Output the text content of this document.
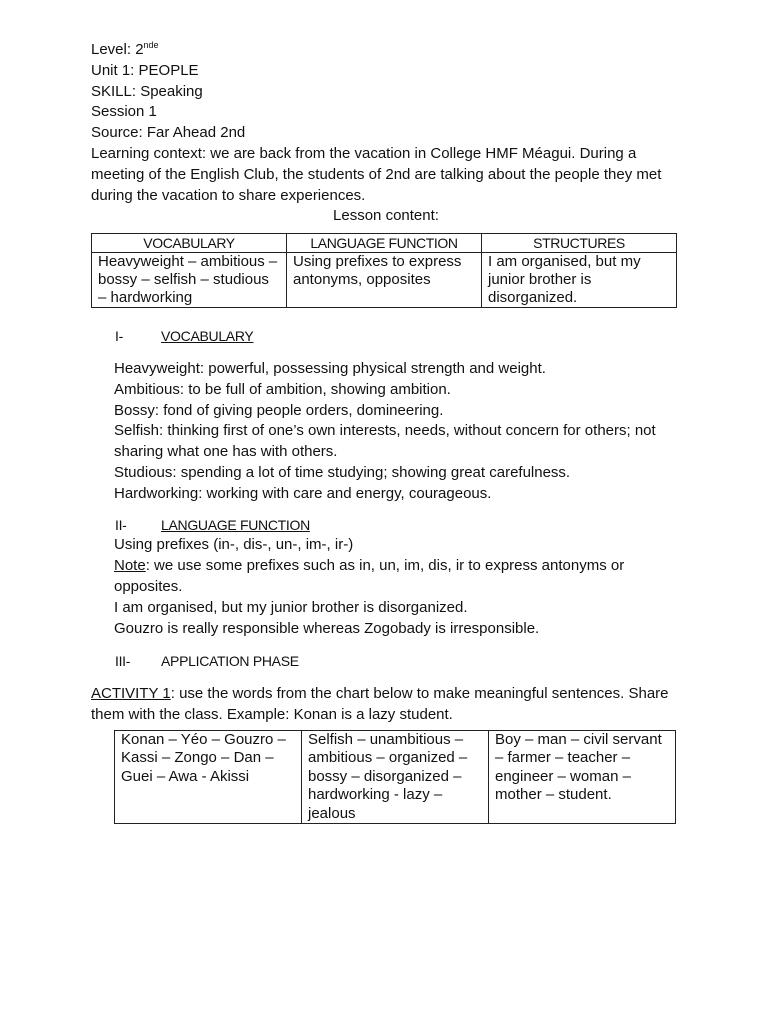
Level: 2nde
Unit 1: PEOPLE
SKILL: Speaking
Session 1
Source: Far Ahead 2nd
Learning context: we are back from the vacation in College HMF Méagui. During a meeting of the English Club, the students of 2nd are talking about the people they met during the vacation to share experiences.
Lesson content:
VOCABULARY	LANGUAGE FUNCTION	STRUCTURES
Heavyweight – ambitious – bossy – selfish – studious – hardworking	Using prefixes to express antonyms, opposites	I am organised, but my junior brother is disorganized.
I-	VOCABULARY
Heavyweight: powerful, possessing physical strength and weight.
Ambitious: to be full of ambition, showing ambition.
Bossy: fond of giving people orders, domineering.
Selfish: thinking first of one’s own interests, needs, without concern for others; not sharing what one has with others.
Studious: spending a lot of time studying; showing great carefulness.
Hardworking: working with care and energy, courageous.
II- LANGUAGE FUNCTION
Using prefixes (in-, dis-, un-, im-, ir-)
Note: we use some prefixes such as in, un, im, dis, ir to express antonyms or opposites.
I am organised, but my junior brother is disorganized.
Gouzro is really responsible whereas Zogobady is irresponsible.
III- APPLICATION PHASE
ACTIVITY 1: use the words from the chart below to make meaningful sentences. Share them with the class. Example: Konan is a lazy student.
Konan – Yéo – Gouzro – Kassi – Zongo – Dan – Guei – Awa - Akissi	Selfish – unambitious – ambitious – organized – bossy – disorganized – hardworking - lazy – jealous	Boy – man – civil servant – farmer – teacher – engineer – woman – mother – student.
